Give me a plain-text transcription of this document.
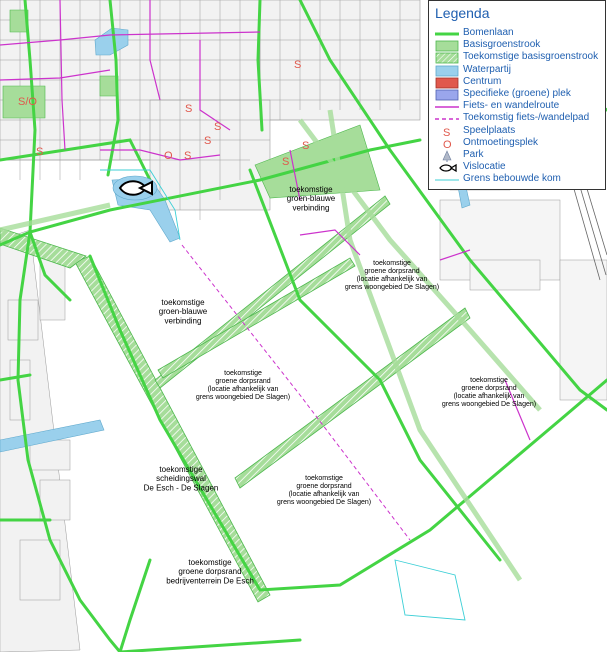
S
S
S
S
S
S
S
S
O
S/O
toekomstige groen-blauwe verbinding
toekomstige groen-blauwe verbinding
toekomstige groene dorpsrand (locatie afhankelijk van grens woongebied De Slagen)
toekomstige groene dorpsrand (locatie afhankelijk van grens woongebied De Slagen)
toekomstige groene dorpsrand (locatie afhankelijk van grens woongebied De Slagen)
toekomstige groene dorpsrand (locatie afhankelijk van grens woongebied De Slagen)
toekomstige scheidingswal De Esch - De Slagen
toekomstige groene dorpsrand bedrijventerrein De Esch
Legenda
Bomenlaan
Basisgroenstrook
Toekomstige basisgroenstrook
Waterpartij
Centrum
Specifieke (groene) plek
Fiets- en wandelroute
Toekomstig fiets-/wandelpad
S Speelplaats
O Ontmoetingsplek
Park
Vislocatie
Grens bebouwde kom
